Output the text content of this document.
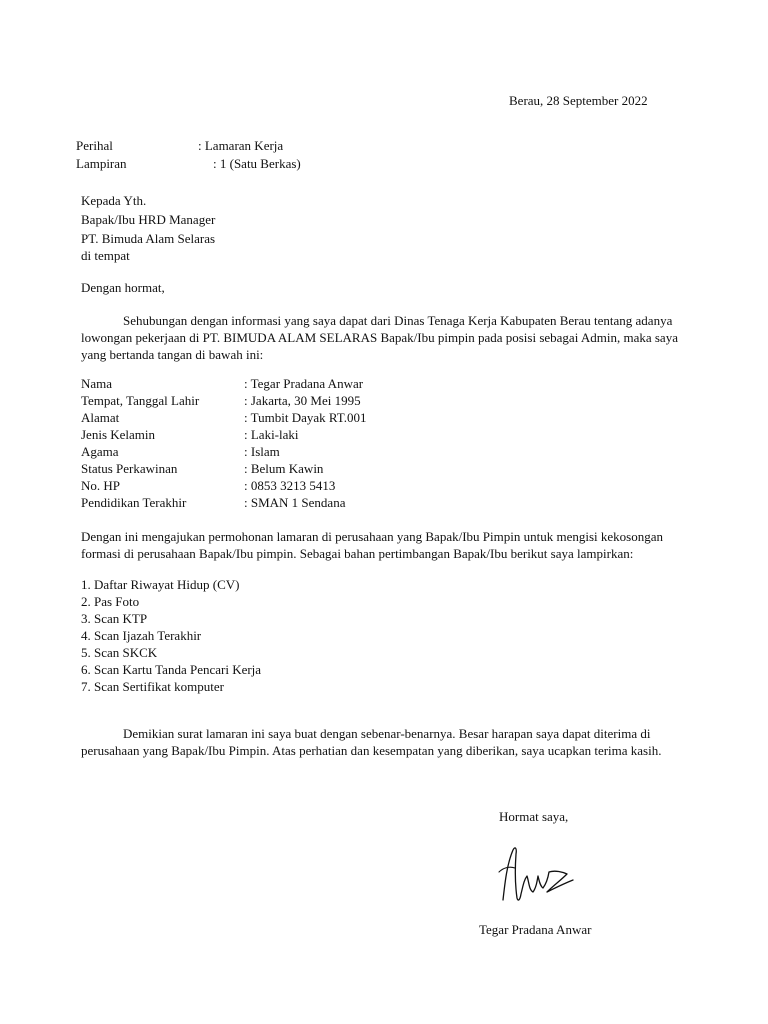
Berau, 28 September 2022
Perihal	: Lamaran Kerja
Lampiran	: 1 (Satu Berkas)
Kepada Yth.
Bapak/Ibu HRD Manager
PT. Bimuda Alam Selaras
di tempat
Dengan hormat,
Sehubungan dengan informasi yang saya dapat dari Dinas Tenaga Kerja Kabupaten Berau tentang adanya lowongan pekerjaan di PT. BIMUDA ALAM SELARAS Bapak/Ibu pimpin pada posisi sebagai Admin, maka saya yang bertanda tangan di bawah ini:
Nama	: Tegar Pradana Anwar
Tempat, Tanggal Lahir	: Jakarta, 30 Mei 1995
Alamat	: Tumbit Dayak RT.001
Jenis Kelamin	: Laki-laki
Agama	: Islam
Status Perkawinan	: Belum Kawin
No. HP	: 0853 3213 5413
Pendidikan Terakhir	: SMAN 1 Sendana
Dengan ini mengajukan permohonan lamaran di perusahaan yang Bapak/Ibu Pimpin untuk mengisi kekosongan formasi di perusahaan Bapak/Ibu pimpin. Sebagai bahan pertimbangan Bapak/Ibu berikut saya lampirkan:
1. Daftar Riwayat Hidup (CV)
2. Pas Foto
3. Scan KTP
4. Scan Ijazah Terakhir
5. Scan SKCK
6. Scan Kartu Tanda Pencari Kerja
7. Scan Sertifikat komputer
Demikian surat lamaran ini saya buat dengan sebenar-benarnya. Besar harapan saya dapat diterima di perusahaan yang Bapak/Ibu Pimpin. Atas perhatian dan kesempatan yang diberikan, saya ucapkan terima kasih.
Hormat saya,
Tegar Pradana Anwar
